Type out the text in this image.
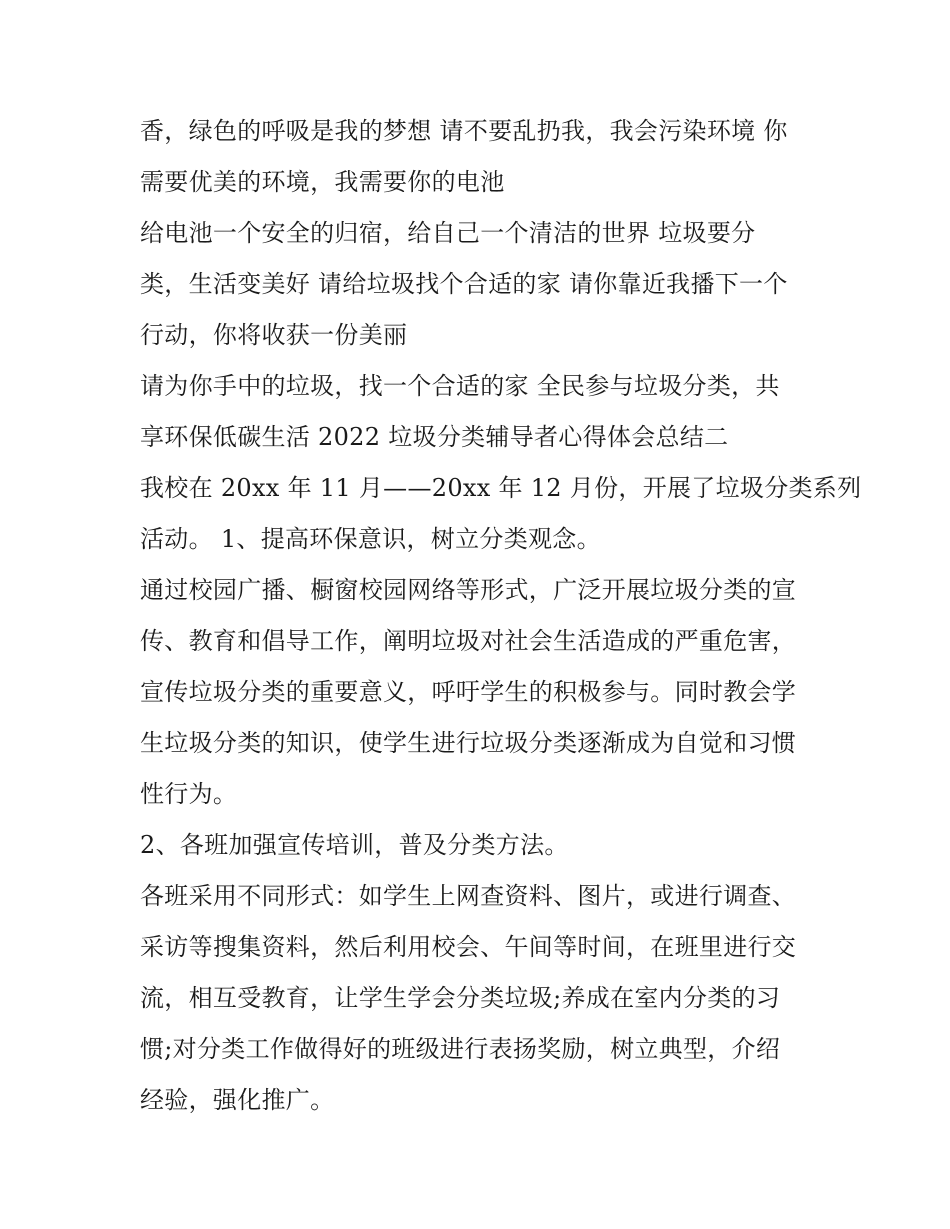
香，绿色的呼吸是我的梦想 请不要乱扔我，我会污染环境 你
需要优美的环境，我需要你的电池

给电池一个安全的归宿，给自己一个清洁的世界 垃圾要分
类，生活变美好 请给垃圾找个合适的家 请你靠近我播下一个
行动，你将收获一份美丽

请为你手中的垃圾，找一个合适的家 全民参与垃圾分类，共
享环保低碳生活 2022 垃圾分类辅导者心得体会总结二

我校在 20xx 年 11 月——20xx 年 12 月份，开展了垃圾分类系列
活动。 1、提高环保意识，树立分类观念。

通过校园广播、橱窗校园网络等形式，广泛开展垃圾分类的宣
传、教育和倡导工作，阐明垃圾对社会生活造成的严重危害，
宣传垃圾分类的重要意义，呼吁学生的积极参与。同时教会学
生垃圾分类的知识，使学生进行垃圾分类逐渐成为自觉和习惯
性行为。

2、各班加强宣传培训，普及分类方法。

各班采用不同形式：如学生上网查资料、图片，或进行调查、
采访等搜集资料，然后利用校会、午间等时间，在班里进行交
流，相互受教育，让学生学会分类垃圾;养成在室内分类的习
惯;对分类工作做得好的班级进行表扬奖励，树立典型，介绍
经验，强化推广。
